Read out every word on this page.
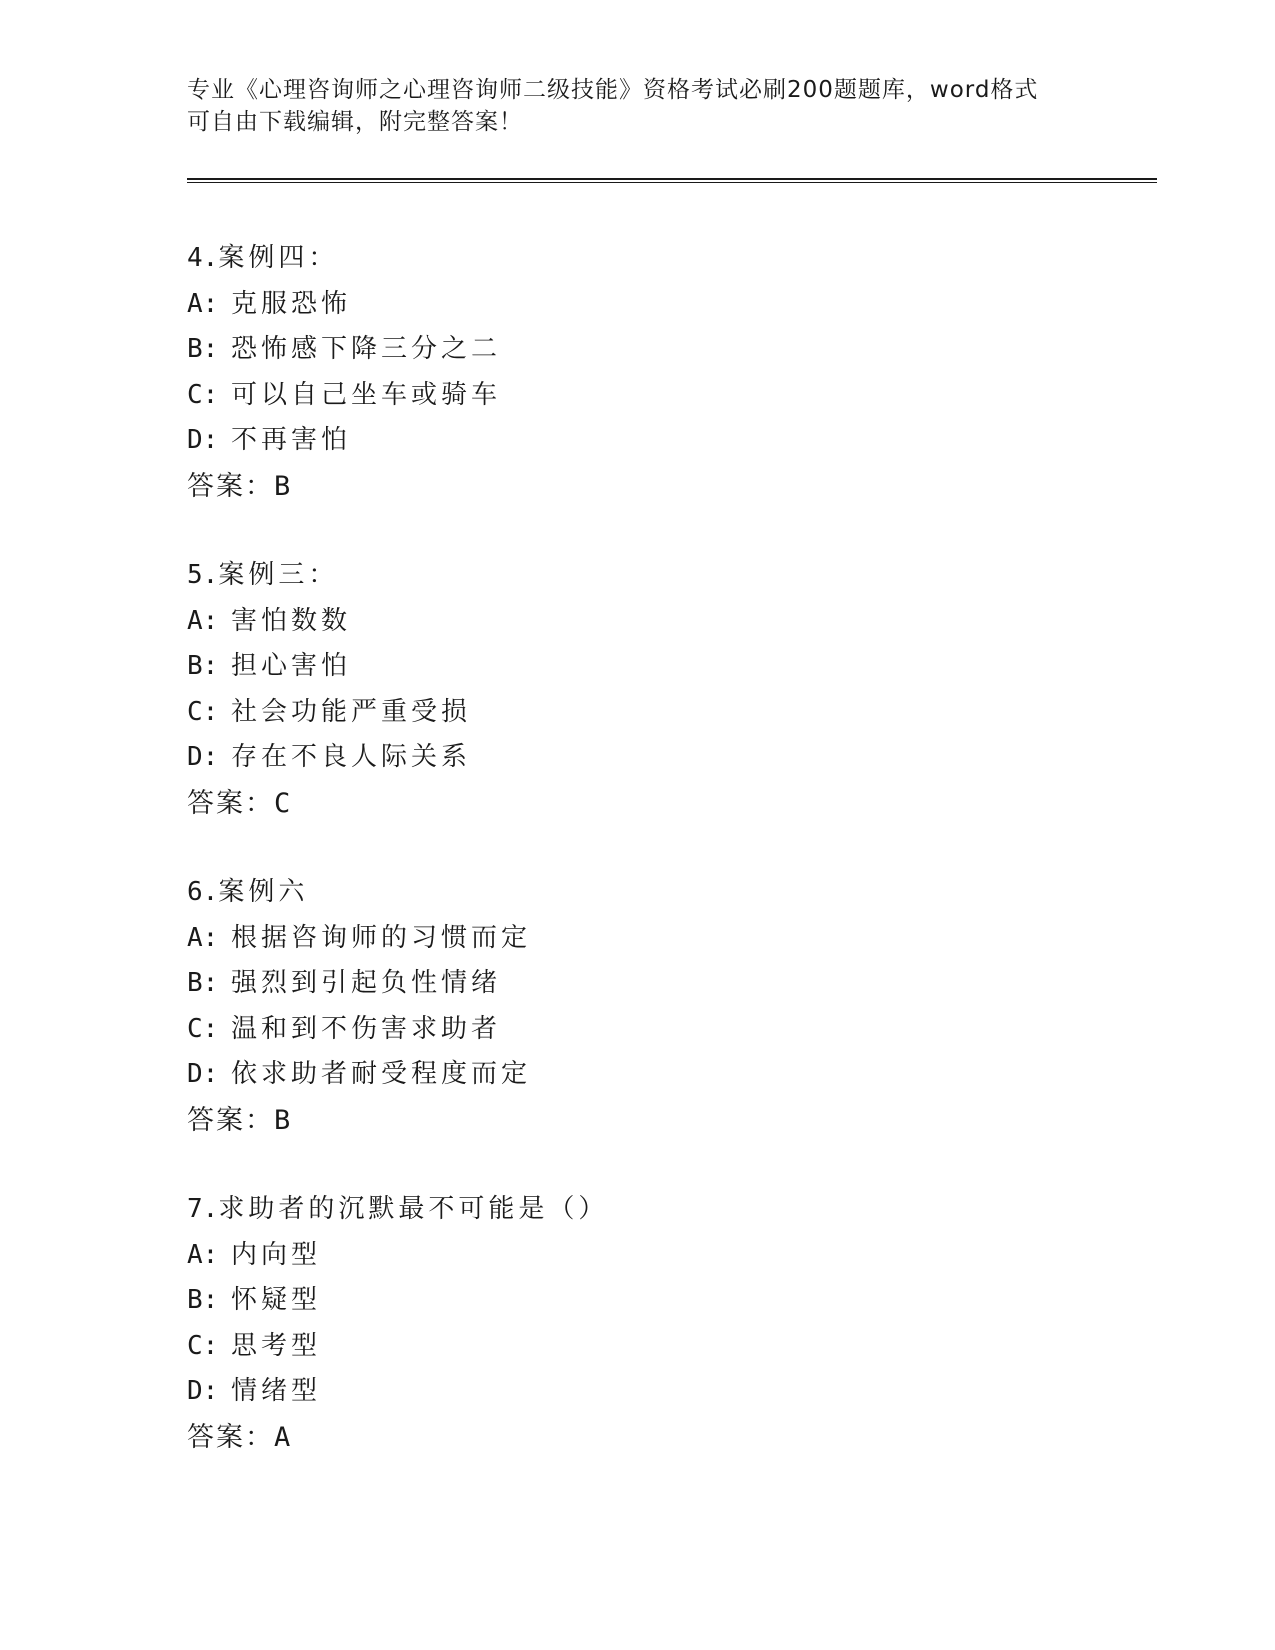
专业《心理咨询师之心理咨询师二级技能》资格考试必刷200题题库，word格式
可自由下载编辑，附完整答案！
4.案例四：
A: 克服恐怖
B: 恐怖感下降三分之二
C: 可以自己坐车或骑车
D: 不再害怕
答案：B
5.案例三：
A: 害怕数数
B: 担心害怕
C: 社会功能严重受损
D: 存在不良人际关系
答案：C
6.案例六
A: 根据咨询师的习惯而定
B: 强烈到引起负性情绪
C: 温和到不伤害求助者
D: 依求助者耐受程度而定
答案：B
7.求助者的沉默最不可能是（）
A: 内向型
B: 怀疑型
C: 思考型
D: 情绪型
答案：A
